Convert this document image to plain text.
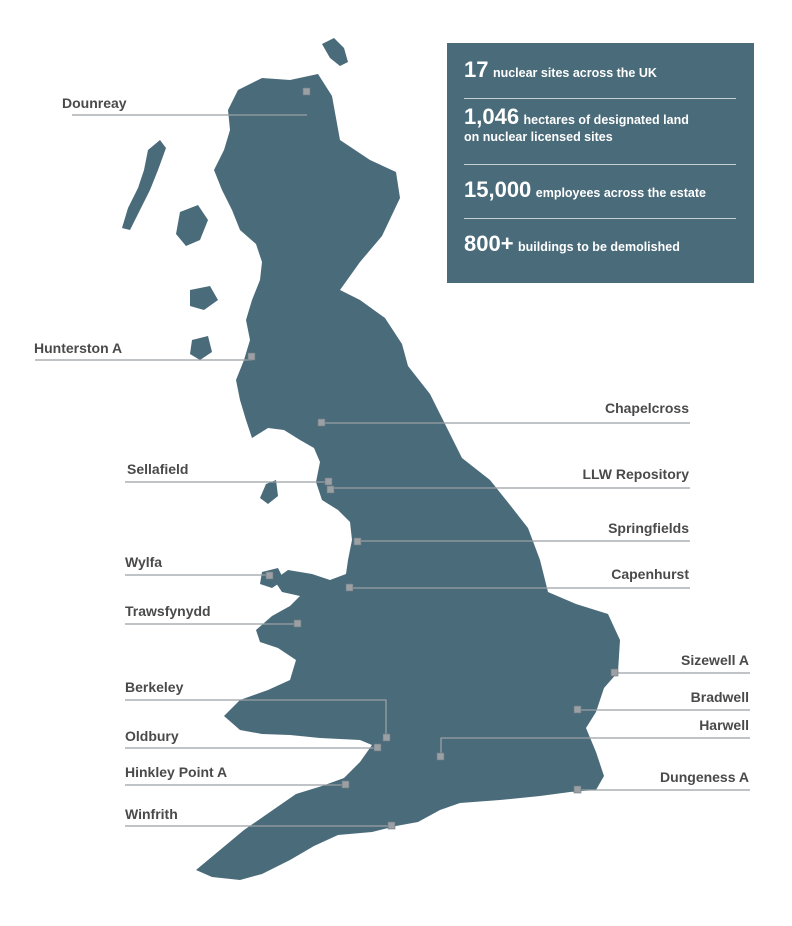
Dounreay
Hunterston A
Chapelcross
Sellafield	LLW Repository
Springfields
Wylfa
Capenhurst
Trawsfynydd
Sizewell A
Berkeley
Bradwell
Oldbury
Harwell
Hinkley Point A	Dungeness A
Winfrith
17 nuclear sites across the UK
1,046 hectares of designated land
on nuclear licensed sites
15,000 employees across the estate
800+ buildings to be demolished
